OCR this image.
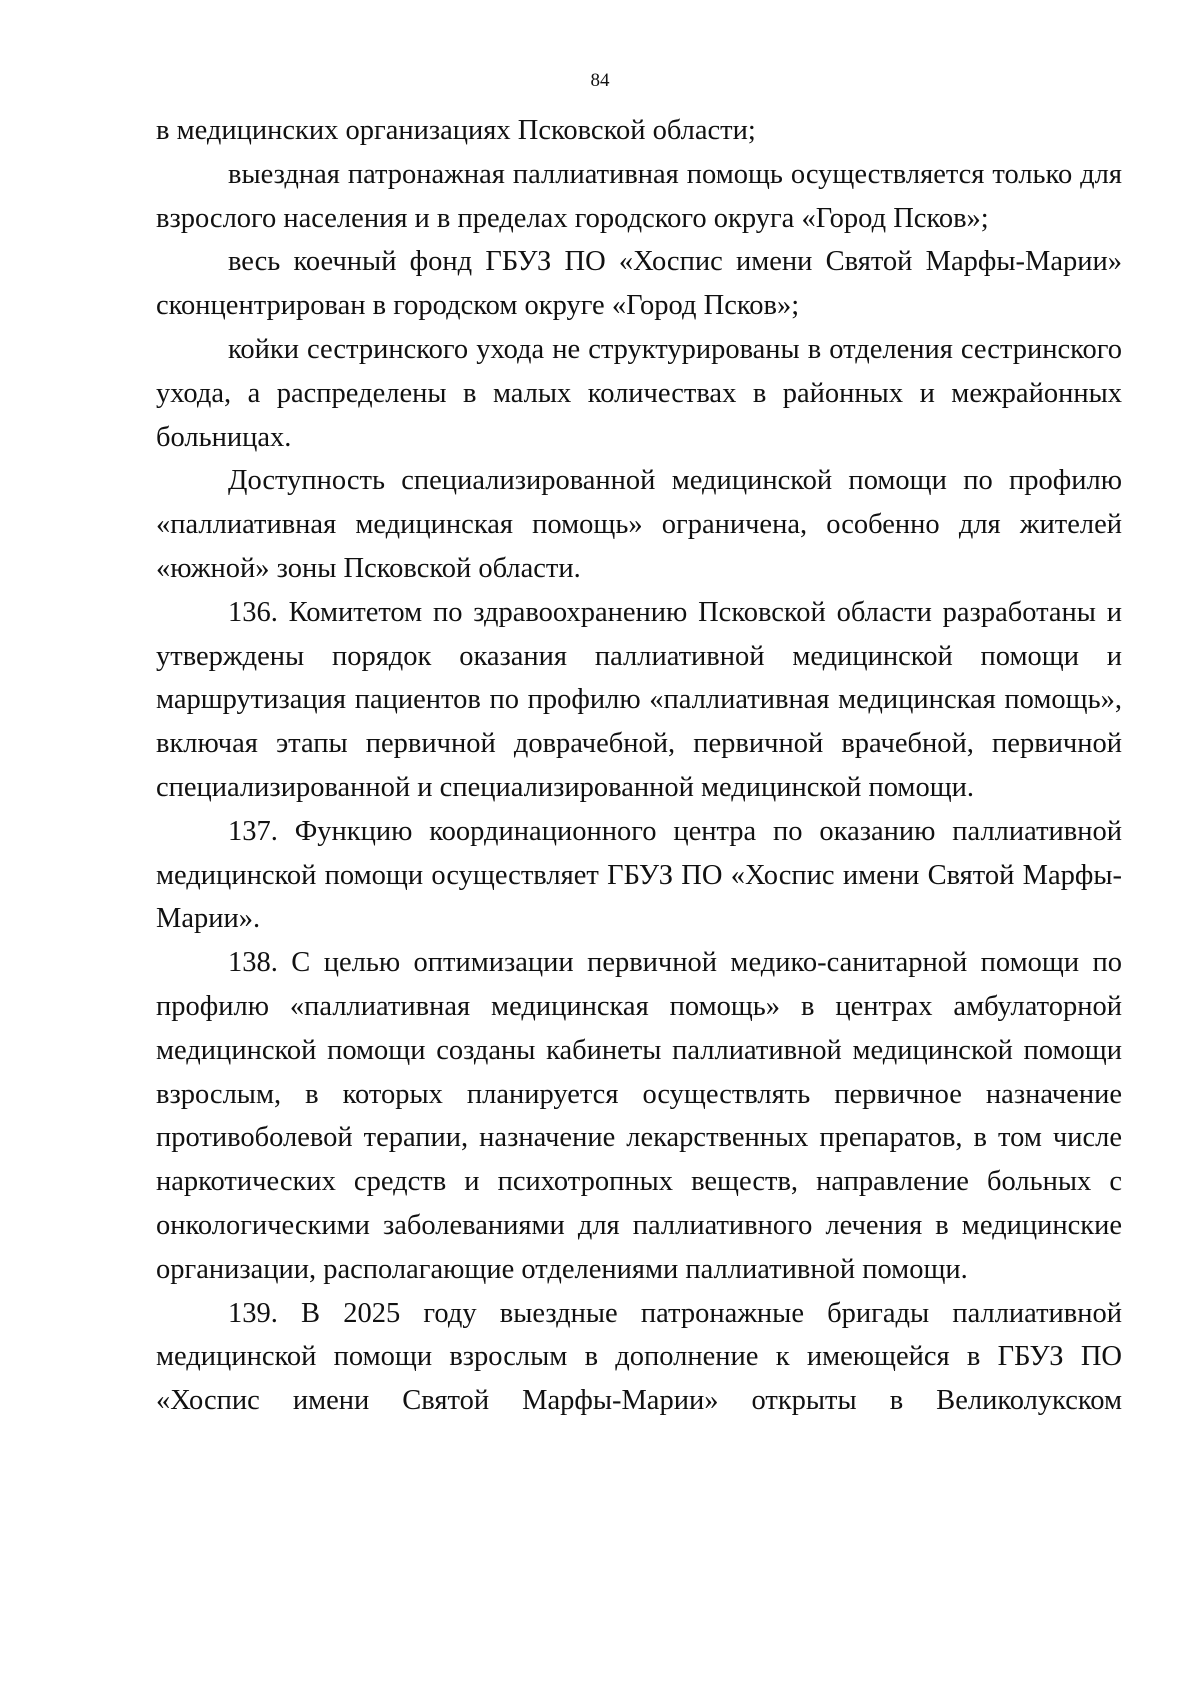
84

в медицинских организациях Псковской области;

выездная патронажная паллиативная помощь осуществляется только для взрослого населения и в пределах городского округа «Город Псков»;

весь коечный фонд ГБУЗ ПО «Хоспис имени Святой Марфы-Марии» сконцентрирован в городском округе «Город Псков»;

койки сестринского ухода не структурированы в отделения сестринского ухода, а распределены в малых количествах в районных и межрайонных больницах.

Доступность специализированной медицинской помощи по профилю «паллиативная медицинская помощь» ограничена, особенно для жителей «южной» зоны Псковской области.

136. Комитетом по здравоохранению Псковской области разработаны и утверждены порядок оказания паллиативной медицинской помощи и маршрутизация пациентов по профилю «паллиативная медицинская помощь», включая этапы первичной доврачебной, первичной врачебной, первичной специализированной и специализированной медицинской помощи.

137. Функцию координационного центра по оказанию паллиативной медицинской помощи осуществляет ГБУЗ ПО «Хоспис имени Святой Марфы-Марии».

138. С целью оптимизации первичной медико-санитарной помощи по профилю «паллиативная медицинская помощь» в центрах амбулаторной медицинской помощи созданы кабинеты паллиативной медицинской помощи взрослым, в которых планируется осуществлять первичное назначение противоболевой терапии, назначение лекарственных препаратов, в том числе наркотических средств и психотропных веществ, направление больных с онкологическими заболеваниями для паллиативного лечения в медицинские организации, располагающие отделениями паллиативной помощи.

139. В 2025 году выездные патронажные бригады паллиативной медицинской помощи взрослым в дополнение к имеющейся в ГБУЗ ПО «Хоспис имени Святой Марфы-Марии» открыты в Великолукском
